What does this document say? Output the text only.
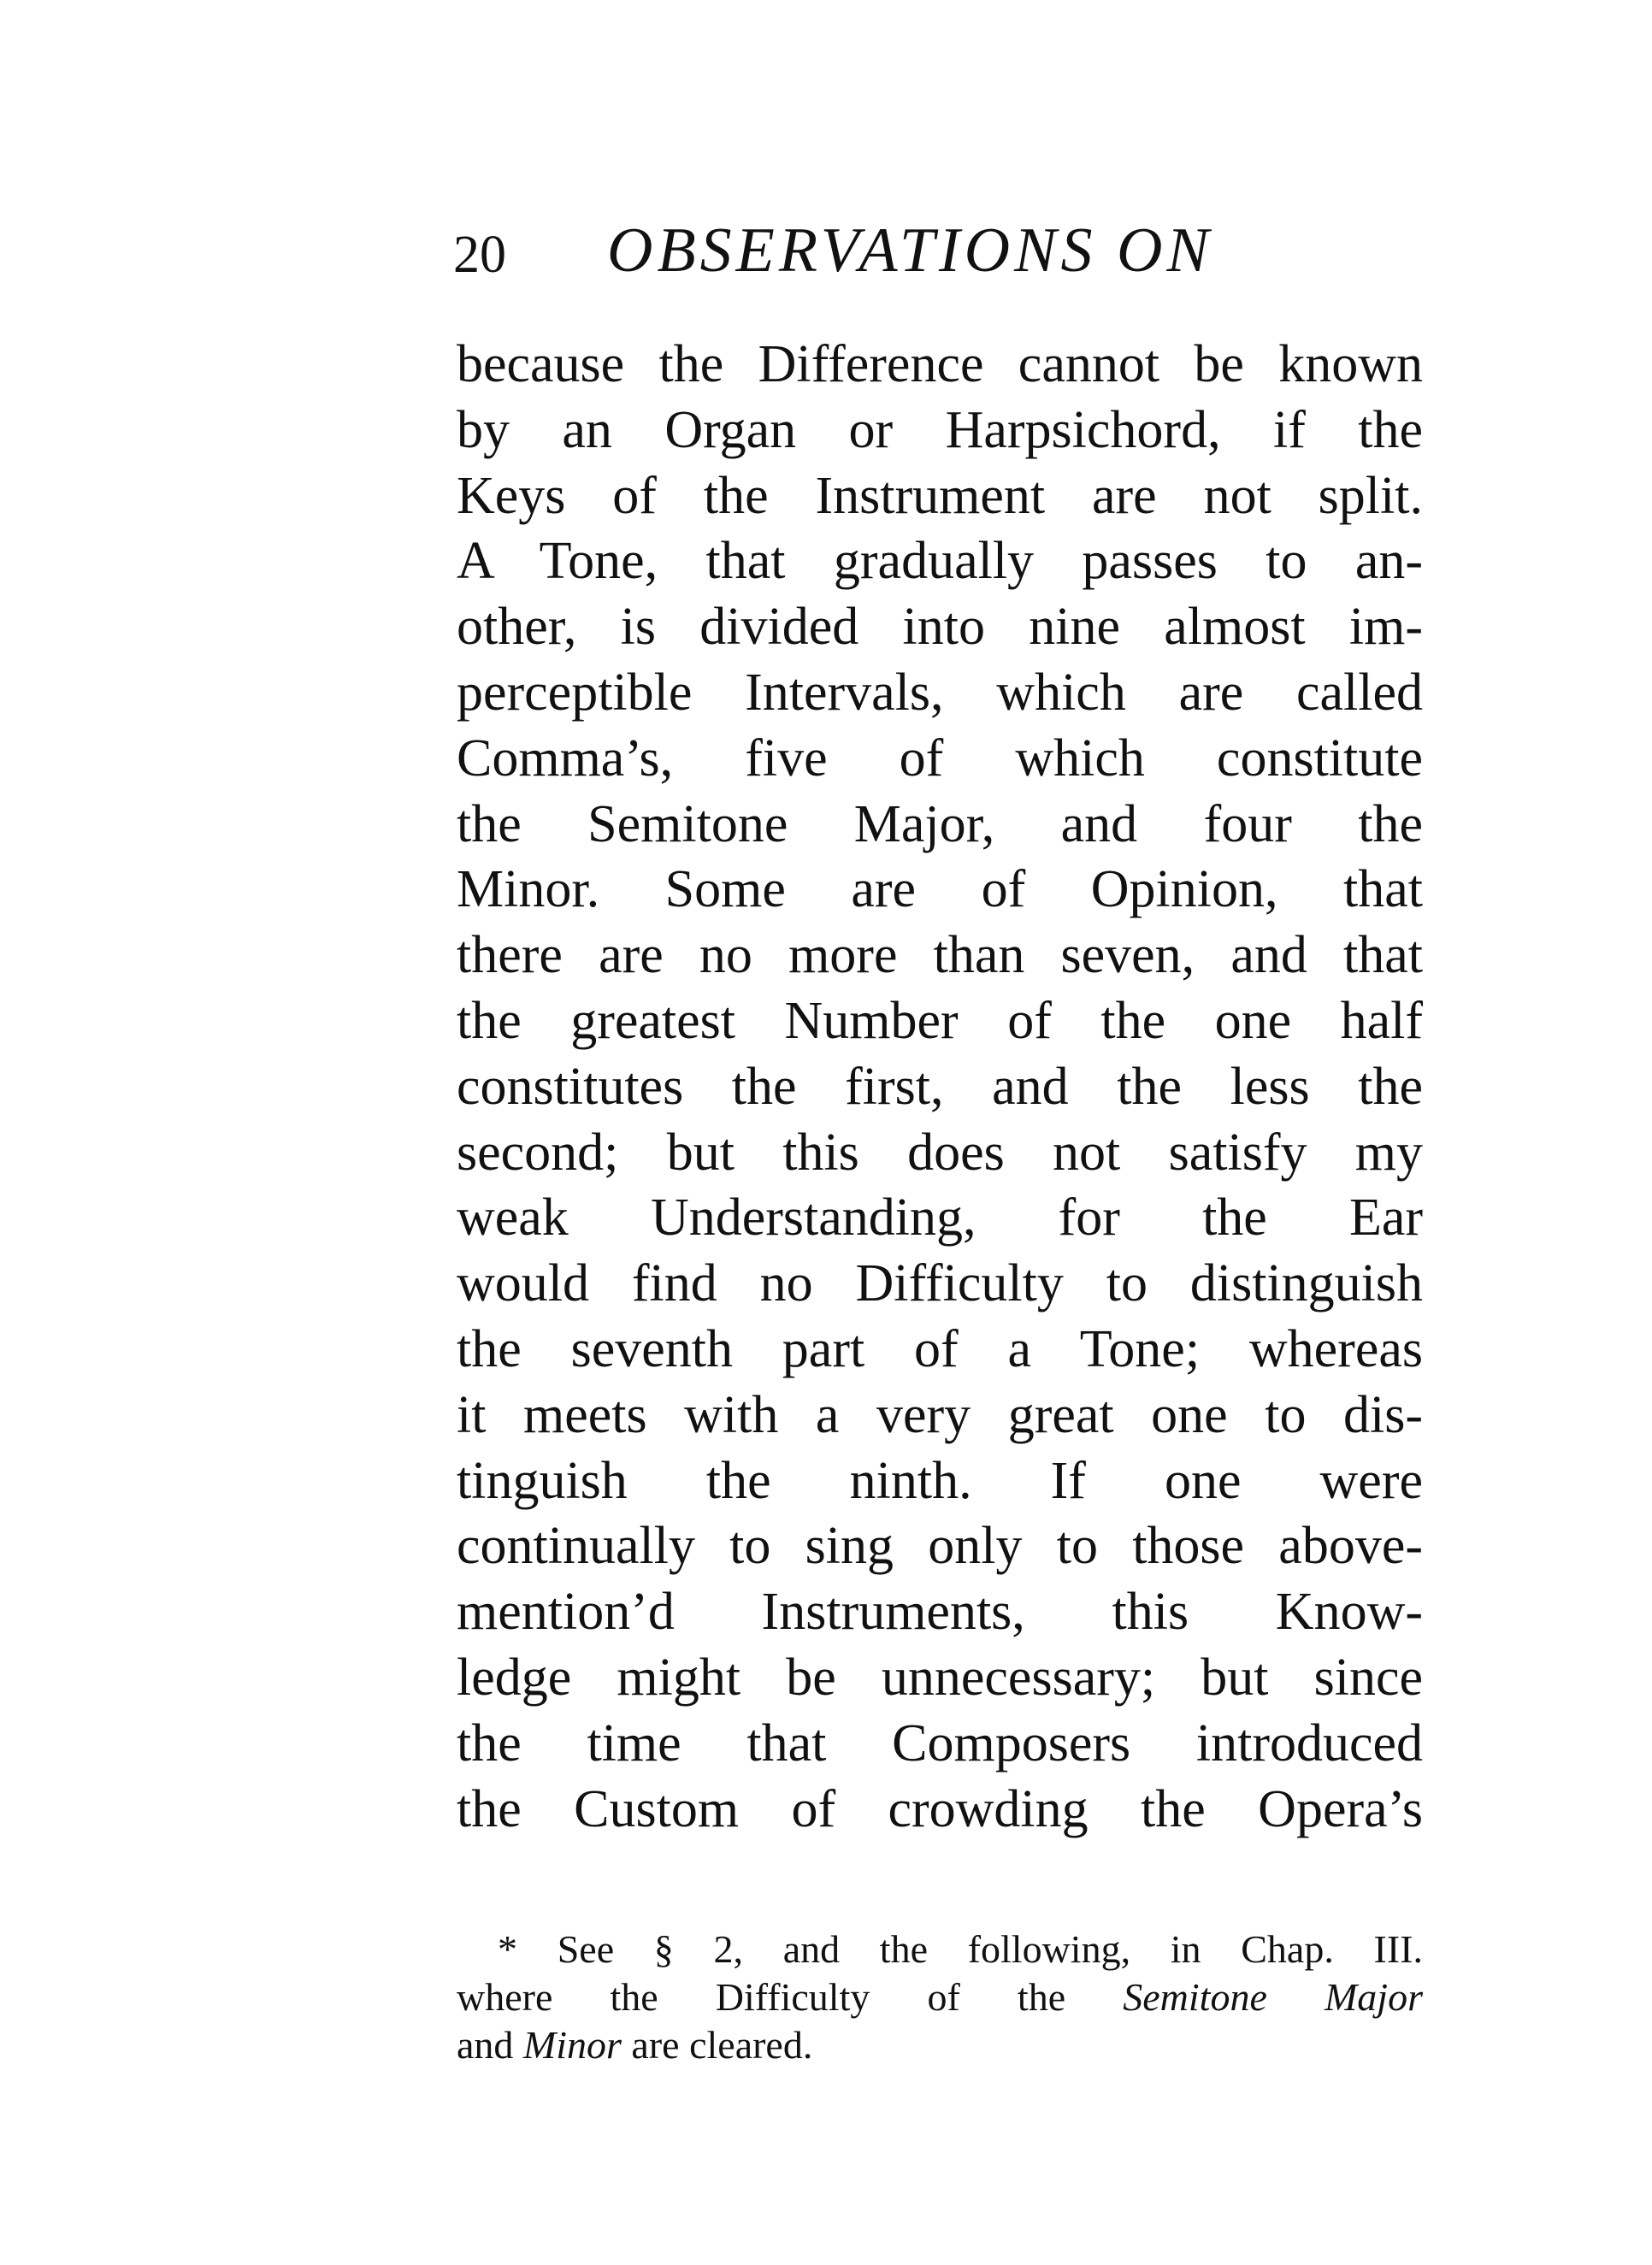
20 OBSERVATIONS ON
because the Difference cannot be known
by an Organ or Harpsichord, if the
Keys of the Instrument are not split.
A Tone, that gradually passes to an-
other, is divided into nine almost im-
perceptible Intervals, which are called
Comma’s, five of which constitute
the Semitone Major, and four the
Minor. Some are of Opinion, that
there are no more than seven, and that
the greatest Number of the one half
constitutes the first, and the less the
second; but this does not satisfy my
weak Understanding, for the Ear
would find no Difficulty to distinguish
the seventh part of a Tone; whereas
it meets with a very great one to dis-
tinguish the ninth. If one were
continually to sing only to those above-
mention’d Instruments, this Know-
ledge might be unnecessary; but since
the time that Composers introduced
the Custom of crowding the Opera’s
* See § 2, and the following, in Chap. III.
where the Difficulty of the Semitone Major
and Minor are cleared.
